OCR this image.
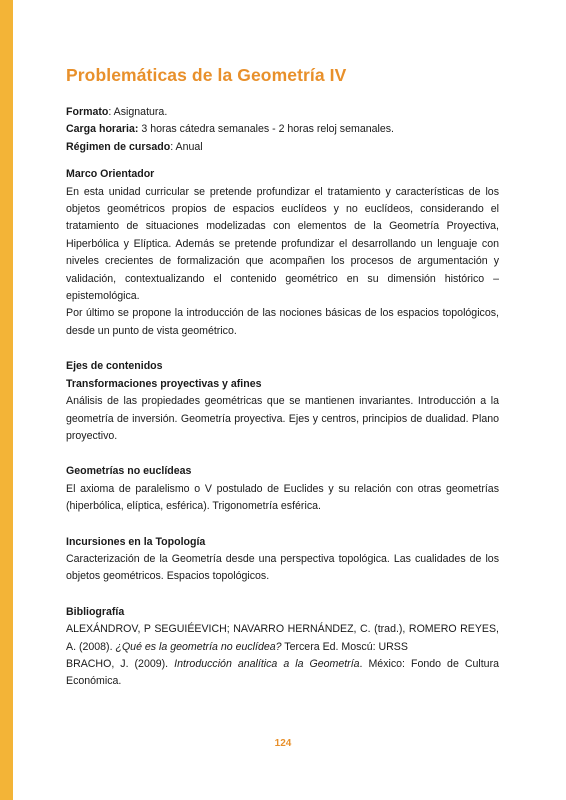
Problemáticas de la Geometría IV

Formato: Asignatura.

Carga horaria: 3 horas cátedra semanales - 2 horas reloj semanales.

Régimen de cursado: Anual

Marco Orientador

En esta unidad curricular se pretende profundizar el tratamiento y características de los objetos geométricos propios de espacios euclídeos y no euclídeos, considerando el tratamiento de situaciones modelizadas con elementos de la Geometría Proyectiva, Hiperbólica y Elíptica. Además se pretende profundizar el desarrollando un lenguaje con niveles crecientes de formalización que acompañen los procesos de argumentación y validación, contextualizando el contenido geométrico en su dimensión histórico – epistemológica.

Por último se propone la introducción de las nociones básicas de los espacios topológicos, desde un punto de vista geométrico.

Ejes de contenidos

Transformaciones proyectivas y afines

Análisis de las propiedades geométricas que se mantienen invariantes. Introducción a la geometría de inversión. Geometría proyectiva. Ejes y centros, principios de dualidad. Plano proyectivo.

Geometrías no euclídeas

El axioma de paralelismo o V postulado de Euclides y su relación con otras geometrías (hiperbólica, elíptica, esférica). Trigonometría esférica.

Incursiones en la Topología

Caracterización de la Geometría desde una perspectiva topológica. Las cualidades de los objetos geométricos. Espacios topológicos.

Bibliografía

ALEXÁNDROV, P SEGUIÉEVICH; NAVARRO HERNÁNDEZ, C. (trad.), ROMERO REYES, A. (2008). ¿Qué es la geometría no euclídea? Tercera Ed. Moscú: URSS

BRACHO, J. (2009). Introducción analítica a la Geometría. México: Fondo de Cultura Económica.

124
